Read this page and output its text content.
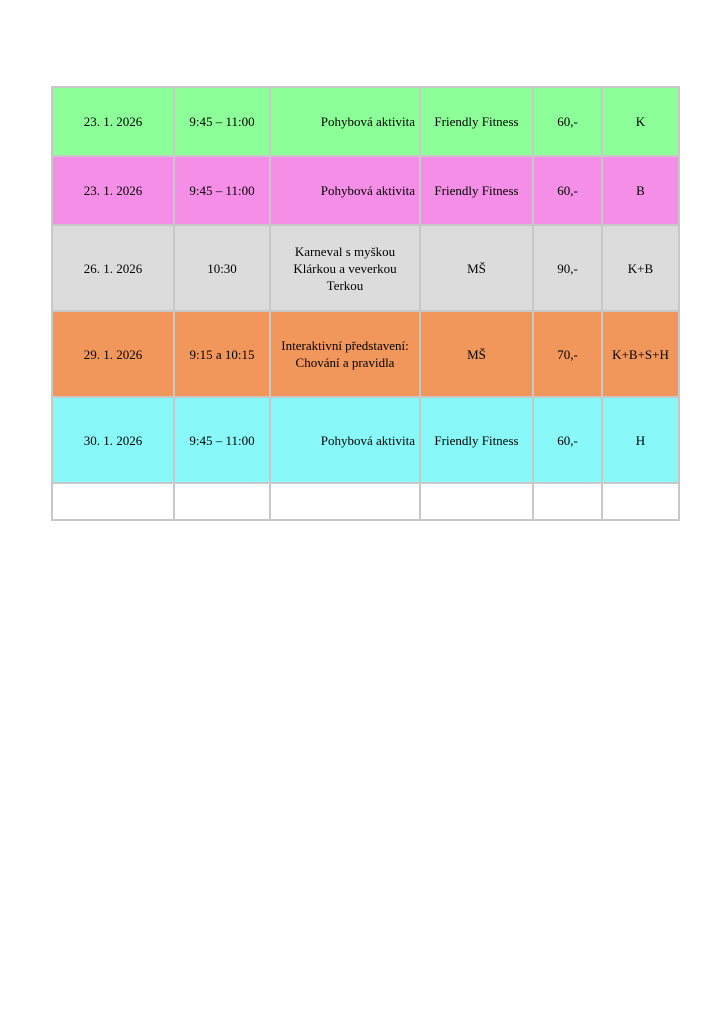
23. 1. 2026	9:45 – 11:00	Pohybová aktivita	Friendly Fitness	60,-	K
23. 1. 2026	9:45 – 11:00	Pohybová aktivita	Friendly Fitness	60,-	B
26. 1. 2026	10:30	Karneval s myškou Klárkou a veverkou Terkou	MŠ	90,-	K+B
29. 1. 2026	9:15 a 10:15	Interaktivní představení: Chování a pravidla	MŠ	70,-	K+B+S+H
30. 1. 2026	9:45 – 11:00	Pohybová aktivita	Friendly Fitness	60,-	H
